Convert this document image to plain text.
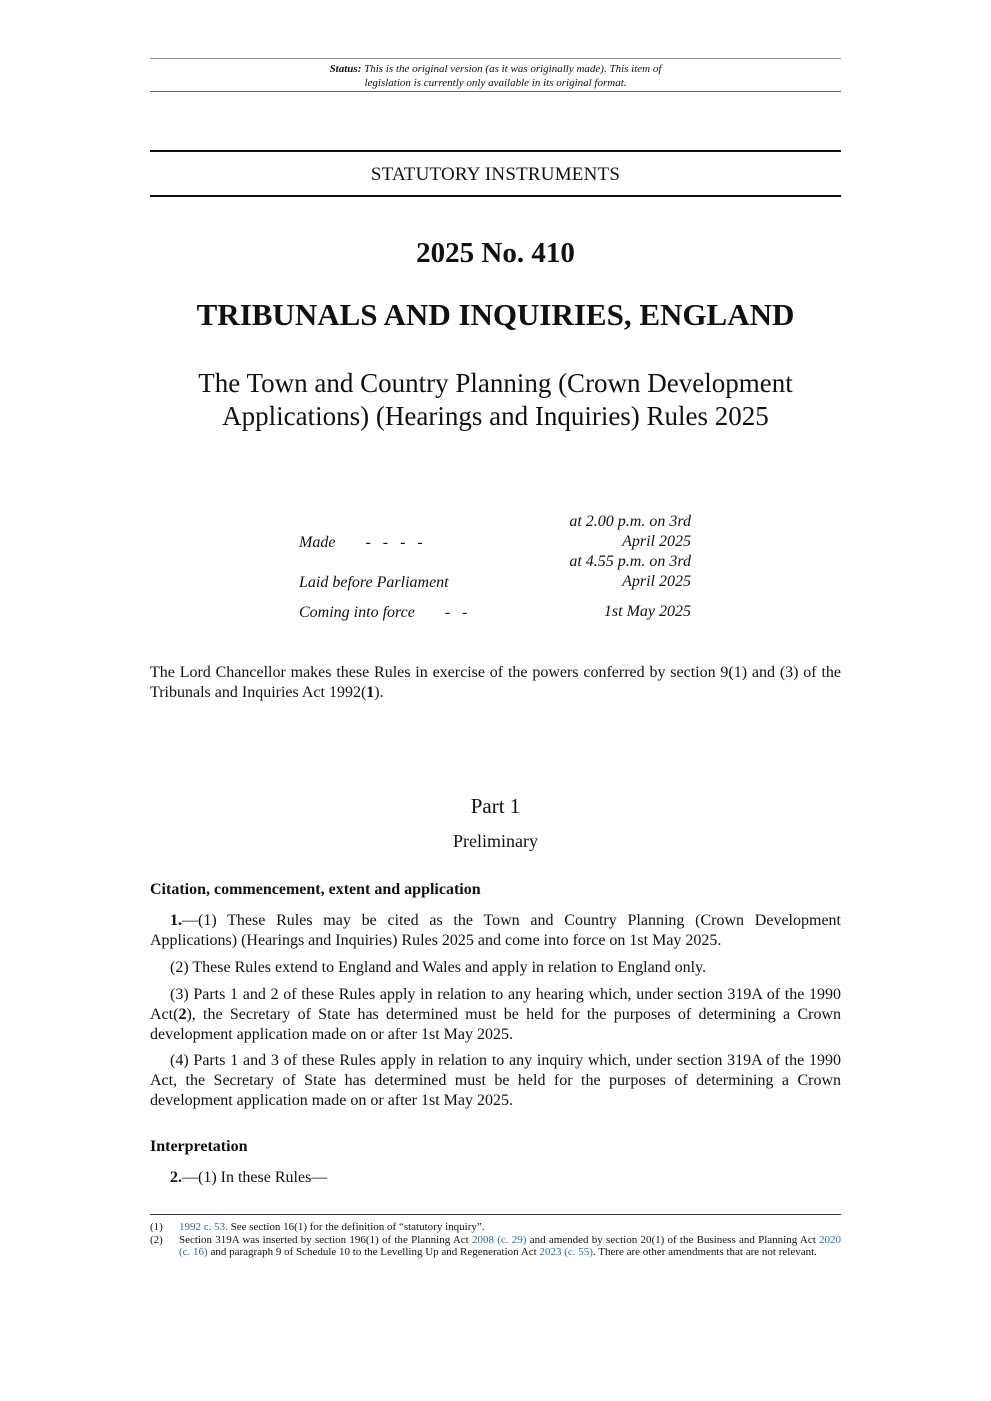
Status: This is the original version (as it was originally made). This item of legislation is currently only available in its original format.
STATUTORY INSTRUMENTS
2025 No. 410
TRIBUNALS AND INQUIRIES, ENGLAND
The Town and Country Planning (Crown Development
Applications) (Hearings and Inquiries) Rules 2025
Made -   -   -   -
at 2.00 p.m. on 3rd
April 2025
Laid before Parliament
at 4.55 p.m. on 3rd
April 2025
Coming into force -   -	1st May 2025
The Lord Chancellor makes these Rules in exercise of the powers conferred by section 9(1) and (3) of the Tribunals and Inquiries Act 1992(1).
Part 1
Preliminary
Citation, commencement, extent and application
1.—(1) These Rules may be cited as the Town and Country Planning (Crown Development Applications) (Hearings and Inquiries) Rules 2025 and come into force on 1st May 2025.
(2) These Rules extend to England and Wales and apply in relation to England only.
(3) Parts 1 and 2 of these Rules apply in relation to any hearing which, under section 319A of the 1990 Act(2), the Secretary of State has determined must be held for the purposes of determining a Crown development application made on or after 1st May 2025.
(4) Parts 1 and 3 of these Rules apply in relation to any inquiry which, under section 319A of the 1990 Act, the Secretary of State has determined must be held for the purposes of determining a Crown development application made on or after 1st May 2025.
Interpretation
2.—(1) In these Rules—
(1) 1992 c. 53. See section 16(1) for the definition of “statutory inquiry”.
(2) Section 319A was inserted by section 196(1) of the Planning Act 2008 (c. 29) and amended by section 20(1) of the Business and Planning Act 2020 (c. 16) and paragraph 9 of Schedule 10 to the Levelling Up and Regeneration Act 2023 (c. 55). There are other amendments that are not relevant.
